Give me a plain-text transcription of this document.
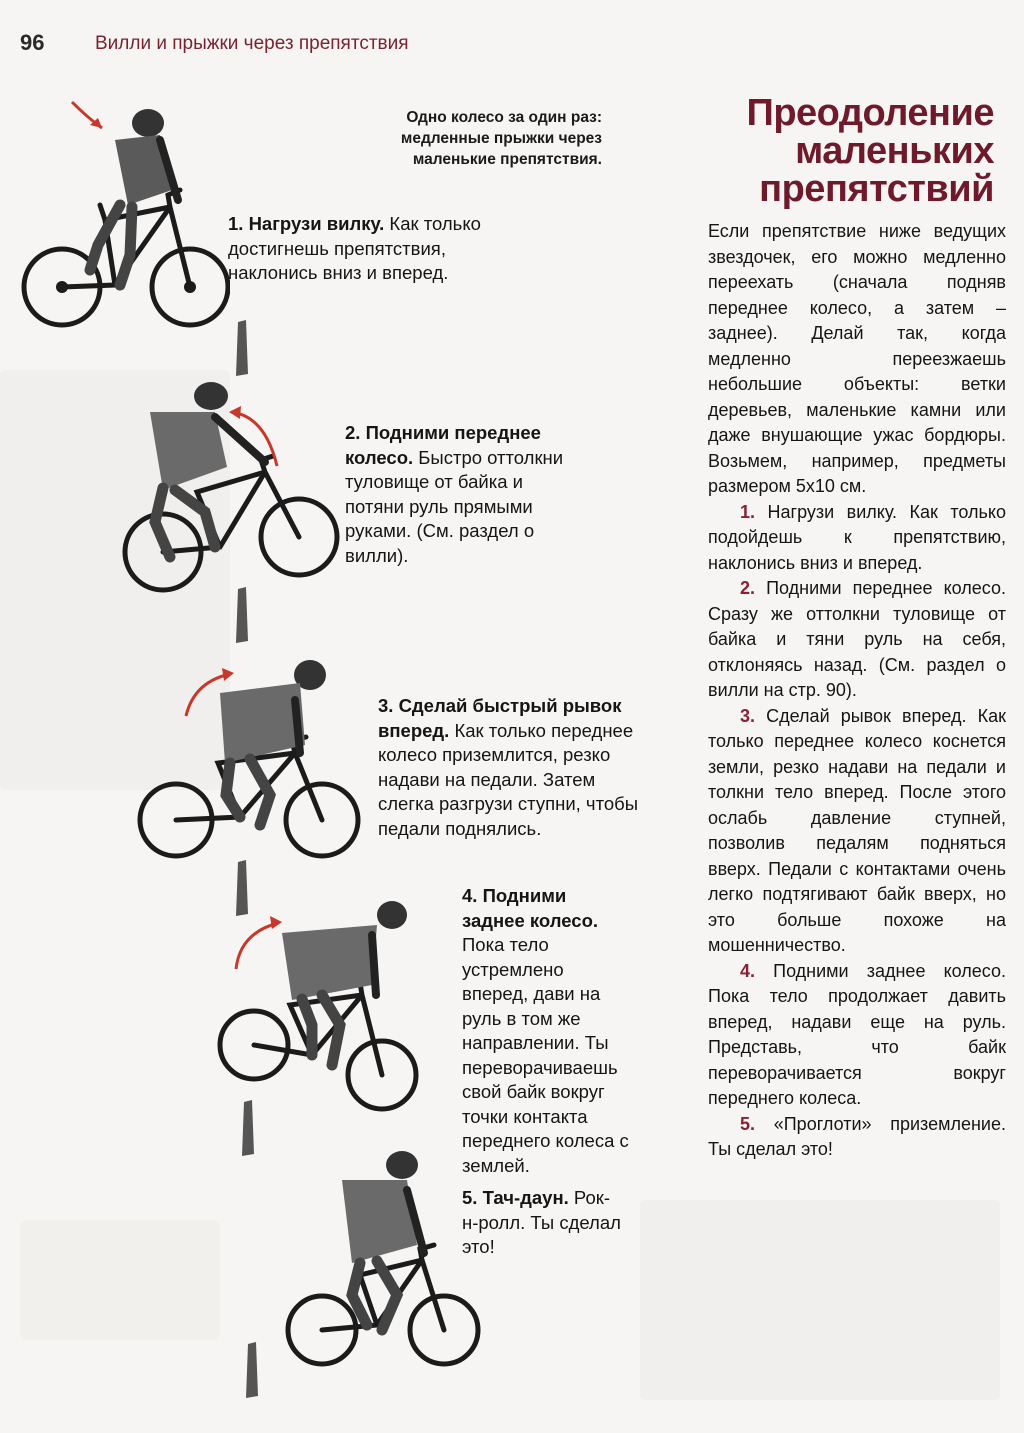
96	Вилли и прыжки через препятствия
Одно колесо за один раз:
медленные прыжки через
маленькие препятствия.
1. Нагрузи вилку. Как только достигнешь препятствия, наклонись вниз и вперед.
2. Подними переднее колесо. Быстро оттолкни туловище от байка и потяни руль прямыми руками. (См. раздел о вилли).
3. Сделай быстрый рывок вперед. Как только переднее колесо приземлится, резко надави на педали. Затем слегка разгрузи ступни, чтобы педали поднялись.
4. Подними заднее колесо. Пока тело устремлено вперед, дави на руль в том же направлении. Ты переворачиваешь свой байк вокруг точки контакта переднего колеса с землей.
5. Тач-даун. Рок-н-ролл. Ты сделал это!
Преодоление
маленьких
препятствий

Если препятствие ниже ведущих звездочек, его можно медленно переехать (сначала подняв переднее колесо, а затем – заднее). Делай так, когда медленно переезжаешь небольшие объекты: ветки деревьев, маленькие камни или даже внушающие ужас бордюры. Возьмем, например, предметы размером 5x10 см.

1. Нагрузи вилку. Как только подойдешь к препятствию, наклонись вниз и вперед.

2. Подними переднее колесо. Сразу же оттолкни туловище от байка и тяни руль на себя, отклоняясь назад. (См. раздел о вилли на стр. 90).

3. Сделай рывок вперед. Как только переднее колесо коснется земли, резко надави на педали и толкни тело вперед. После этого ослабь давление ступней, позволив педалям подняться вверх. Педали с контактами очень легко подтягивают байк вверх, но это больше похоже на мошенничество.

4. Подними заднее колесо. Пока тело продолжает давить вперед, надави еще на руль. Представь, что байк переворачивается вокруг переднего колеса.

5. «Проглоти» приземление. Ты сделал это!
